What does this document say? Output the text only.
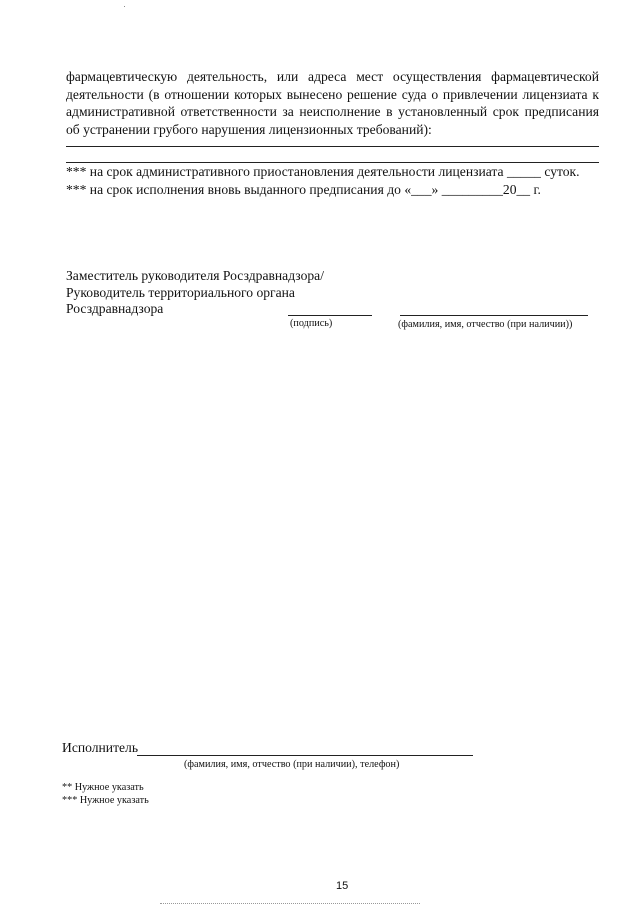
фармацевтическую деятельность, или адреса мест осуществления фармацевтической деятельности (в отношении которых вынесено решение суда о привлечении лицензиата к административной ответственности за неисполнение в установленный срок предписания об устранении грубого нарушения лицензионных требований):
*** на срок административного приостановления деятельности лицензиата _____ суток.
*** на срок исполнения вновь выданного предписания до «___» _________20__ г.
Заместитель руководителя Росздравнадзора/
Руководитель территориального органа
Росздравнадзора
(подпись)	(фамилия, имя, отчество (при наличии))
Исполнитель
(фамилия, имя, отчество (при наличии), телефон)
** Нужное указать
*** Нужное указать
15
